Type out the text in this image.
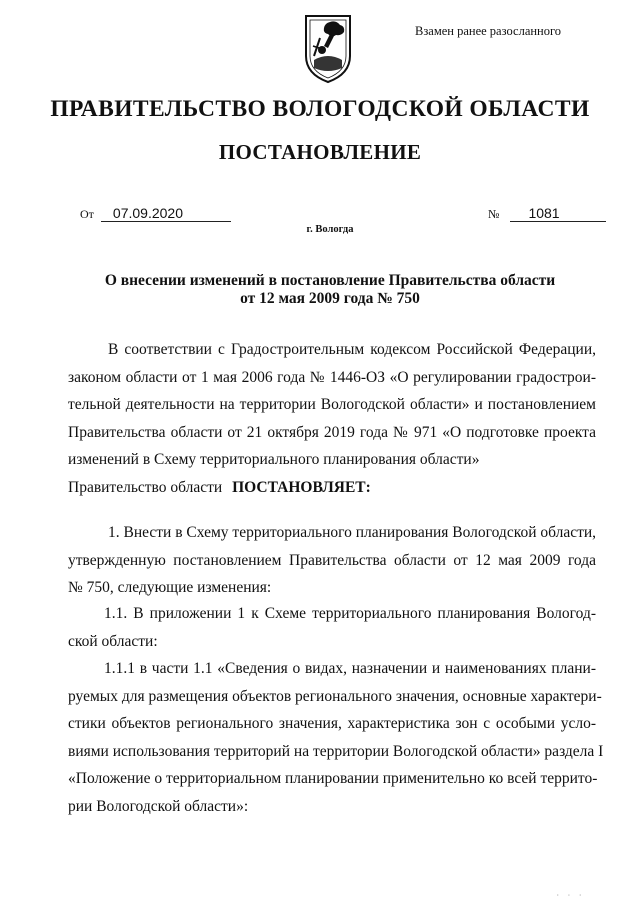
Взамен ранее разосланного
ПРАВИТЕЛЬСТВО ВОЛОГОДСКОЙ ОБЛАСТИ
ПОСТАНОВЛЕНИЕ
От 07.09.2020	№ 1081
г. Вологда
О внесении изменений в постановление Правительства области
от 12 мая 2009 года № 750
В соответствии с Градостроительным кодексом Российской Федерации,
законом области от 1 мая 2006 года № 1446-ОЗ «О регулировании градострои-
тельной деятельности на территории Вологодской области» и постановлением
Правительства области от 21 октября 2019 года № 971 «О подготовке проекта
изменений в Схему территориального планирования области»
Правительство области ПОСТАНОВЛЯЕТ:
1. Внести в Схему территориального планирования Вологодской области,
утвержденную постановлением Правительства области от 12 мая 2009 года
№ 750, следующие изменения:
1.1. В приложении 1 к Схеме территориального планирования Вологод-
ской области:
1.1.1 в части 1.1 «Сведения о видах, назначении и наименованиях плани-
руемых для размещения объектов регионального значения, основные характери-
стики объектов регионального значения, характеристика зон с особыми усло-
виями использования территорий на территории Вологодской области» раздела I
«Положение о территориальном планировании применительно ко всей террито-
рии Вологодской области»:
· · ·
